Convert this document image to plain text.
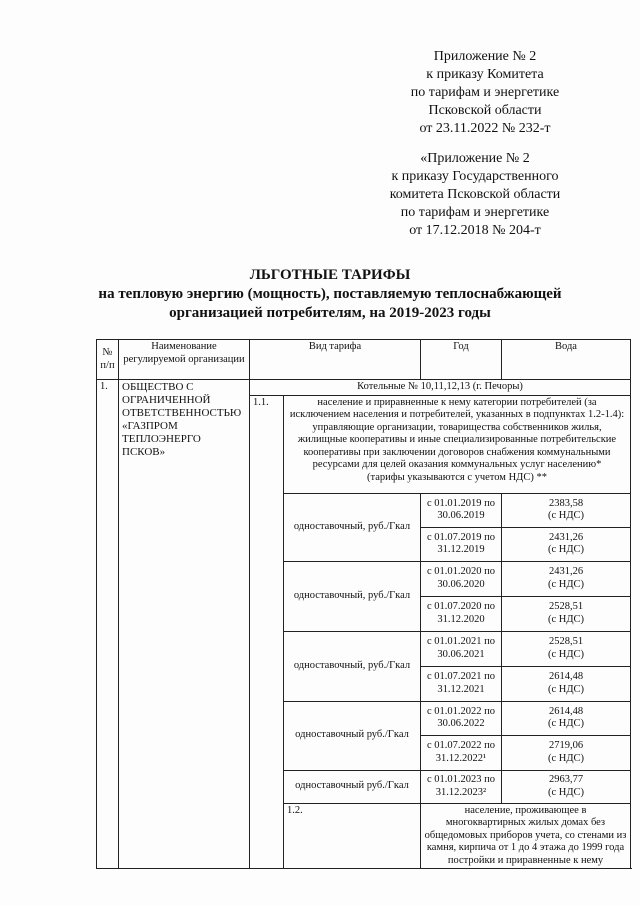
Приложение № 2
к приказу Комитета
по тарифам и энергетике
Псковской области
от 23.11.2022 № 232-т
«Приложение № 2
к приказу Государственного
комитета Псковской области
по тарифам и энергетике
от 17.12.2018 № 204-т
ЛЬГОТНЫЕ ТАРИФЫ
на тепловую энергию (мощность), поставляемую теплоснабжающей
организацией потребителям, на 2019-2023 годы
№ п/п	Наименование регулируемой организации	Вид тарифа		Год	Вода
1.	ОБЩЕСТВО С ОГРАНИЧЕННОЙ ОТВЕТСТВЕННОСТЬЮ «ГАЗПРОМ ТЕПЛОЭНЕРГО ПСКОВ»	Котельные № 10,11,12,13 (г. Печоры)			
		1.1.	население и приравненные к нему категории потребителей (за исключением населения и потребителей, указанных в подпунктах 1.2-1.4): управляющие организации, товарищества собственников жилья, жилищные кооперативы и иные специализированные потребительские кооперативы при заключении договоров снабжения коммунальными ресурсами для целей оказания коммунальных услуг населению*
(тарифы указываются с учетом НДС) **		
			одноставочный, руб./Гкал	с 01.01.2019 по 30.06.2019	2383,58
(с НДС)
				с 01.07.2019 по 31.12.2019	2431,26
(с НДС)
			одноставочный, руб./Гкал	с 01.01.2020 по 30.06.2020	2431,26
(с НДС)
				с 01.07.2020 по 31.12.2020	2528,51
(с НДС)
			одноставочный, руб./Гкал	с 01.01.2021 по 30.06.2021	2528,51
(с НДС)
				с 01.07.2021 по 31.12.2021	2614,48
(с НДС)
			одноставочный руб./Гкал	с 01.01.2022 по 30.06.2022	2614,48
(с НДС)
				с 01.07.2022 по 31.12.2022¹	2719,06
(с НДС)
			одноставочный руб./Гкал	с 01.01.2023 по 31.12.2023²	2963,77
(с НДС)
			1.2.	население, проживающее в многоквартирных жилых домах без общедомовых приборов учета, со стенами из камня, кирпича от 1 до 4 этажа до 1999 года постройки и приравненные к нему	
